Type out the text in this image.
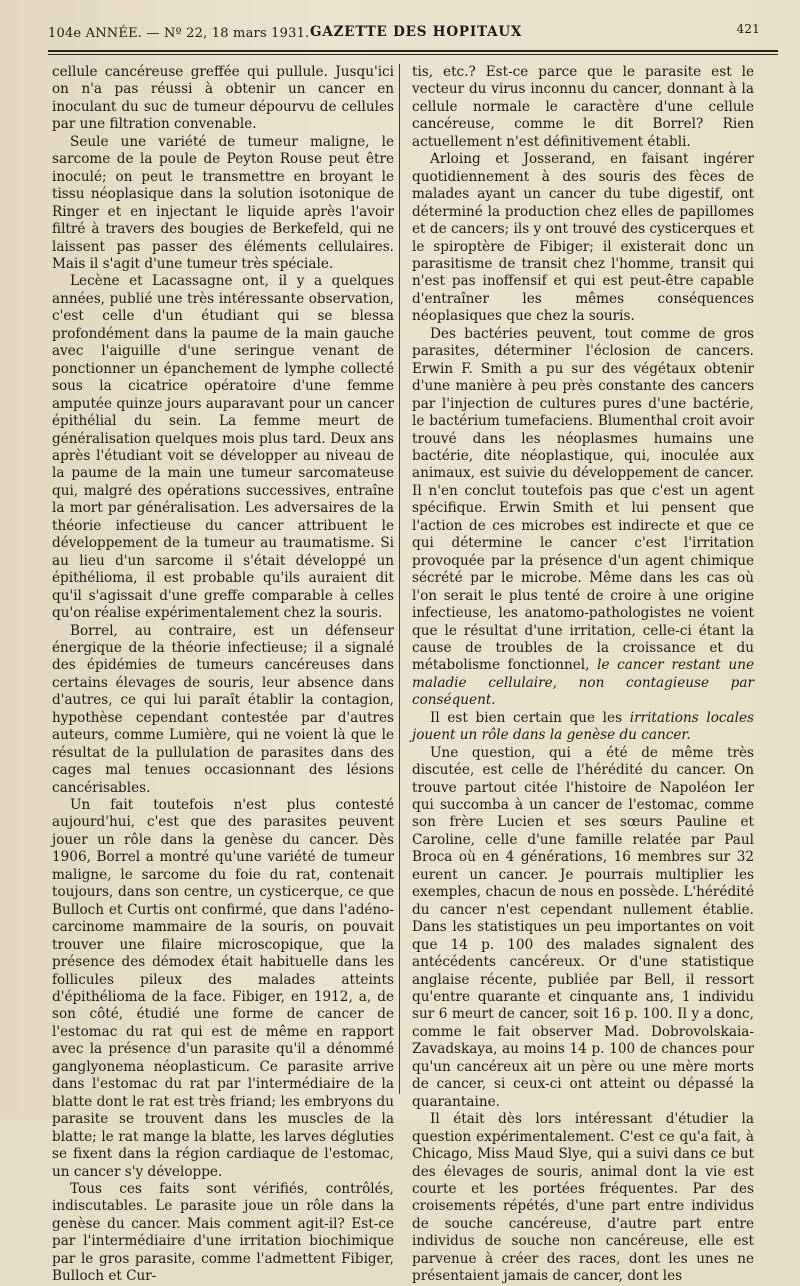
104e ANNÉE. — Nº 22, 18 mars 1931. GAZETTE DES HOPITAUX	421

cellule cancéreuse greffée qui pullule. Jusqu'ici on n'a pas réussi à obtenir un cancer en inoculant du suc de tumeur dépourvu de cellules par une filtration convenable.

Seule une variété de tumeur maligne, le sarcome de la poule de Peyton Rouse peut être inoculé; on peut le transmettre en broyant le tissu néoplasique dans la solution isotonique de Ringer et en injectant le liquide après l'avoir filtré à travers des bougies de Berkefeld, qui ne laissent pas passer des éléments cellulaires. Mais il s'agit d'une tumeur très spéciale.

Lecène et Lacassagne ont, il y a quelques années, publié une très intéressante observation, c'est celle d'un étudiant qui se blessa profondément dans la paume de la main gauche avec l'aiguille d'une seringue venant de ponctionner un épanchement de lymphe collecté sous la cicatrice opératoire d'une femme amputée quinze jours auparavant pour un cancer épithélial du sein. La femme meurt de généralisation quelques mois plus tard. Deux ans après l'étudiant voit se développer au niveau de la paume de la main une tumeur sarcomateuse qui, malgré des opérations successives, entraîne la mort par généralisation. Les adversaires de la théorie infectieuse du cancer attribuent le développement de la tumeur au traumatisme. Si au lieu d'un sarcome il s'était développé un épithélioma, il est probable qu'ils auraient dit qu'il s'agissait d'une greffe comparable à celles qu'on réalise expérimentalement chez la souris.

Borrel, au contraire, est un défenseur énergique de la théorie infectieuse; il a signalé des épidémies de tumeurs cancéreuses dans certains élevages de souris, leur absence dans d'autres, ce qui lui paraît établir la contagion, hypothèse cependant contestée par d'autres auteurs, comme Lumière, qui ne voient là que le résultat de la pullulation de parasites dans des cages mal tenues occasionnant des lésions cancérisables.

Un fait toutefois n'est plus contesté aujourd'hui, c'est que des parasites peuvent jouer un rôle dans la genèse du cancer. Dès 1906, Borrel a montré qu'une variété de tumeur maligne, le sarcome du foie du rat, contenait toujours, dans son centre, un cysticerque, ce que Bulloch et Curtis ont confirmé, que dans l'adéno-carcinome mammaire de la souris, on pouvait trouver une filaire microscopique, que la présence des démodex était habituelle dans les follicules pileux des malades atteints d'épithélioma de la face. Fibiger, en 1912, a, de son côté, étudié une forme de cancer de l'estomac du rat qui est de même en rapport avec la présence d'un parasite qu'il a dénommé ganglyonema néoplasticum. Ce parasite arrive dans l'estomac du rat par l'intermédiaire de la blatte dont le rat est très friand; les embryons du parasite se trouvent dans les muscles de la blatte; le rat mange la blatte, les larves dégluties se fixent dans la région cardiaque de l'estomac, un cancer s'y développe.

Tous ces faits sont vérifiés, contrôlés, indiscutables. Le parasite joue un rôle dans la genèse du cancer. Mais comment agit-il? Est-ce par l'intermédiaire d'une irritation biochimique par le gros parasite, comme l'admettent Fibiger, Bulloch et Cur-

tis, etc.? Est-ce parce que le parasite est le vecteur du virus inconnu du cancer, donnant à la cellule normale le caractère d'une cellule cancéreuse, comme le dit Borrel? Rien actuellement n'est définitivement établi.

Arloing et Josserand, en faisant ingérer quotidiennement à des souris des fèces de malades ayant un cancer du tube digestif, ont déterminé la production chez elles de papillomes et de cancers; ils y ont trouvé des cysticerques et le spiroptère de Fibiger; il existerait donc un parasitisme de transit chez l'homme, transit qui n'est pas inoffensif et qui est peut-être capable d'entraîner les mêmes conséquences néoplasiques que chez la souris.

Des bactéries peuvent, tout comme de gros parasites, déterminer l'éclosion de cancers. Erwin F. Smith a pu sur des végétaux obtenir d'une manière à peu près constante des cancers par l'injection de cultures pures d'une bactérie, le bactérium tumefaciens. Blumenthal croit avoir trouvé dans les néoplasmes humains une bactérie, dite néoplastique, qui, inoculée aux animaux, est suivie du développement de cancer. Il n'en conclut toutefois pas que c'est un agent spécifique. Erwin Smith et lui pensent que l'action de ces microbes est indirecte et que ce qui détermine le cancer c'est l'irritation provoquée par la présence d'un agent chimique sécrété par le microbe. Même dans les cas où l'on serait le plus tenté de croire à une origine infectieuse, les anatomo-pathologistes ne voient que le résultat d'une irritation, celle-ci étant la cause de troubles de la croissance et du métabolisme fonctionnel, le cancer restant une maladie cellulaire, non contagieuse par conséquent.

Il est bien certain que les irritations locales jouent un rôle dans la genèse du cancer.

Une question, qui a été de même très discutée, est celle de l'hérédité du cancer. On trouve partout citée l'histoire de Napoléon Ier qui succomba à un cancer de l'estomac, comme son frère Lucien et ses sœurs Pauline et Caroline, celle d'une famille relatée par Paul Broca où en 4 générations, 16 membres sur 32 eurent un cancer. Je pourrais multiplier les exemples, chacun de nous en possède. L'hérédité du cancer n'est cependant nullement établie. Dans les statistiques un peu importantes on voit que 14 p. 100 des malades signalent des antécédents cancéreux. Or d'une statistique anglaise récente, publiée par Bell, il ressort qu'entre quarante et cinquante ans, 1 individu sur 6 meurt de cancer, soit 16 p. 100. Il y a donc, comme le fait observer Mad. Dobrovolskaia-Zavadskaya, au moins 14 p. 100 de chances pour qu'un cancéreux ait un père ou une mère morts de cancer, si ceux-ci ont atteint ou dépassé la quarantaine.

Il était dès lors intéressant d'étudier la question expérimentalement. C'est ce qu'a fait, à Chicago, Miss Maud Slye, qui a suivi dans ce but des élevages de souris, animal dont la vie est courte et les portées fréquentes. Par des croisements répétés, d'une part entre individus de souche cancéreuse, d'autre part entre individus de souche non cancéreuse, elle est parvenue à créer des races, dont les unes ne présentaient jamais de cancer, dont les
